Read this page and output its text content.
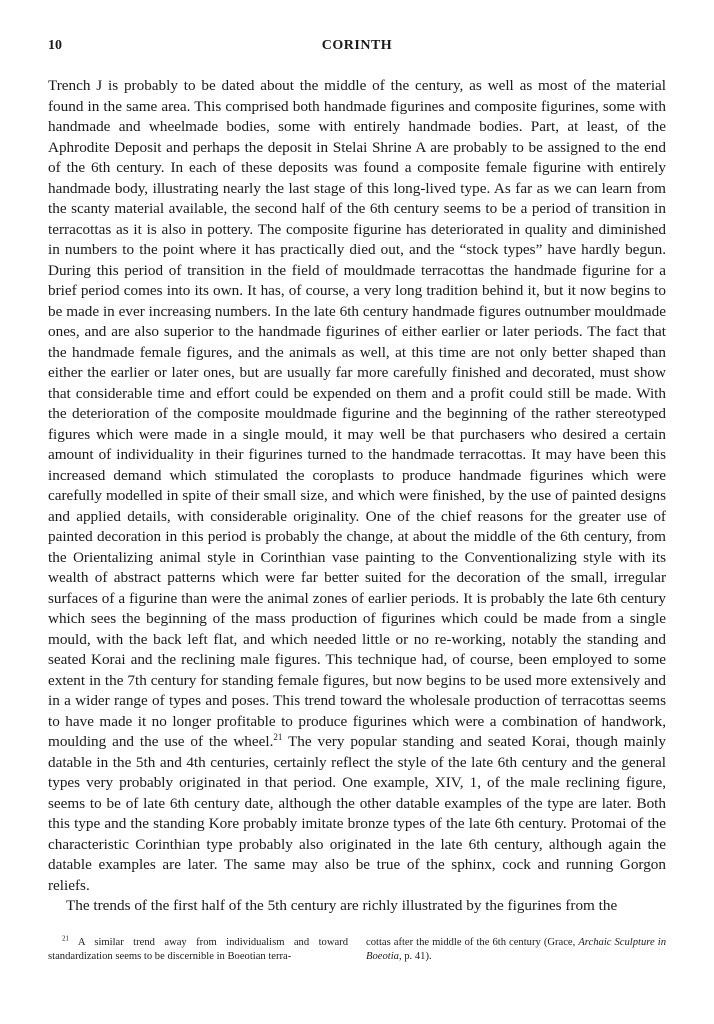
10	CORINTH

Trench J is probably to be dated about the middle of the century, as well as most of the material found in the same area. This comprised both handmade figurines and composite figurines, some with handmade and wheelmade bodies, some with entirely handmade bodies. Part, at least, of the Aphrodite Deposit and perhaps the deposit in Stelai Shrine A are probably to be assigned to the end of the 6th century. In each of these deposits was found a composite female figurine with entirely handmade body, illustrating nearly the last stage of this long-lived type. As far as we can learn from the scanty material available, the second half of the 6th century seems to be a period of transition in terracottas as it is also in pottery. The composite figurine has deteriorated in quality and diminished in numbers to the point where it has practically died out, and the “stock types” have hardly begun. During this period of transition in the field of mouldmade terracottas the handmade figurine for a brief period comes into its own. It has, of course, a very long tradition behind it, but it now begins to be made in ever increasing numbers. In the late 6th century handmade figures outnumber mouldmade ones, and are also superior to the handmade figurines of either earlier or later periods. The fact that the handmade female figures, and the animals as well, at this time are not only better shaped than either the earlier or later ones, but are usually far more carefully finished and decorated, must show that considerable time and effort could be expended on them and a profit could still be made. With the deterioration of the composite mouldmade figurine and the beginning of the rather stereotyped figures which were made in a single mould, it may well be that purchasers who desired a certain amount of individuality in their figurines turned to the handmade terracottas. It may have been this increased demand which stimulated the coroplasts to produce handmade figurines which were carefully modelled in spite of their small size, and which were finished, by the use of painted designs and applied details, with considerable originality. One of the chief reasons for the greater use of painted decoration in this period is probably the change, at about the middle of the 6th century, from the Orientalizing animal style in Corinthian vase painting to the Conventionalizing style with its wealth of abstract patterns which were far better suited for the decoration of the small, irregular surfaces of a figurine than were the animal zones of earlier periods. It is probably the late 6th century which sees the beginning of the mass production of figurines which could be made from a single mould, with the back left flat, and which needed little or no re-working, notably the standing and seated Korai and the reclining male figures. This technique had, of course, been employed to some extent in the 7th century for standing female figures, but now begins to be used more extensively and in a wider range of types and poses. This trend toward the wholesale production of terracottas seems to have made it no longer profitable to produce figurines which were a combination of handwork, moulding and the use of the wheel.$^{21}$ The very popular standing and seated Korai, though mainly datable in the 5th and 4th centuries, certainly reflect the style of the late 6th century and the general types very probably originated in that period. One example, XIV, 1, of the male reclining figure, seems to be of late 6th century date, although the other datable examples of the type are later. Both this type and the standing Kore probably imitate bronze types of the late 6th century. Protomai of the characteristic Corinthian type probably also originated in the late 6th century, although again the datable examples are later. The same may also be true of the sphinx, cock and running Gorgon reliefs.

The trends of the first half of the 5th century are richly illustrated by the figurines from the

$^{21}$ A similar trend away from individualism and toward standardization seems to be discernible in Boeotian terra-
cottas after the middle of the 6th century (Grace, Archaic Sculpture in Boeotia, p. 41).
